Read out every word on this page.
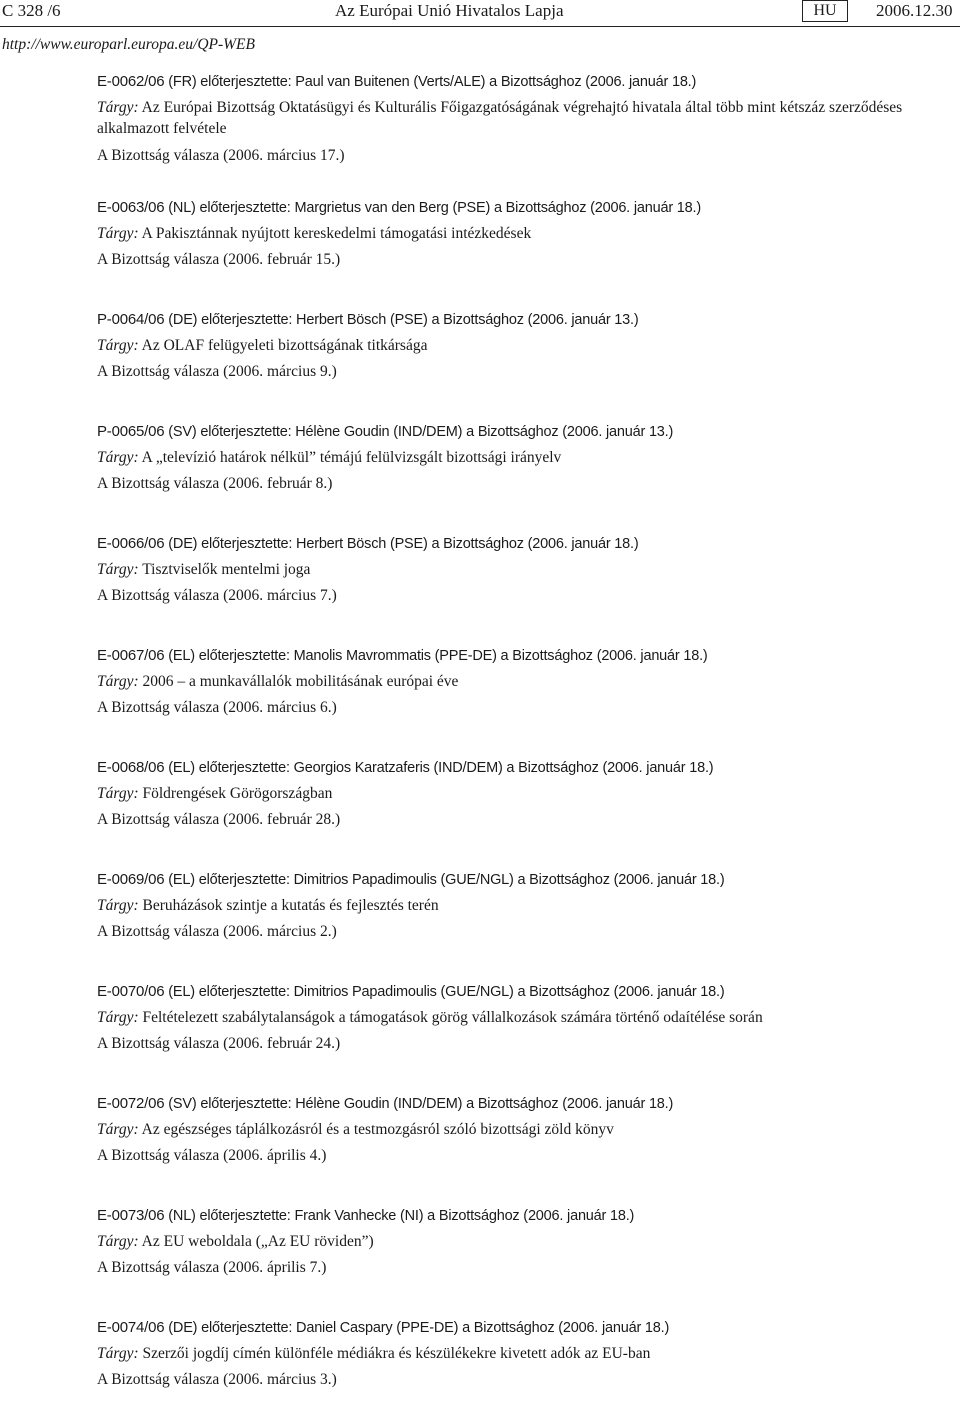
C 328 /6	Az Európai Unió Hivatalos Lapja	HU	2006.12.30
http://www.europarl.europa.eu/QP-WEB
E-0062/06 (FR) előterjesztette: Paul van Buitenen (Verts/ALE) a Bizottsághoz (2006. január 18.)
Tárgy: Az Európai Bizottság Oktatásügyi és Kulturális Főigazgatóságának végrehajtó hivatala által több mint kétszáz szerződéses alkalmazott felvétele
A Bizottság válasza (2006. március 17.)
E-0063/06 (NL) előterjesztette: Margrietus van den Berg (PSE) a Bizottsághoz (2006. január 18.)
Tárgy: A Pakisztánnak nyújtott kereskedelmi támogatási intézkedések
A Bizottság válasza (2006. február 15.)
P-0064/06 (DE) előterjesztette: Herbert Bösch (PSE) a Bizottsághoz (2006. január 13.)
Tárgy: Az OLAF felügyeleti bizottságának titkársága
A Bizottság válasza (2006. március 9.)
P-0065/06 (SV) előterjesztette: Hélène Goudin (IND/DEM) a Bizottsághoz (2006. január 13.)
Tárgy: A „televízió határok nélkül” témájú felülvizsgált bizottsági irányelv
A Bizottság válasza (2006. február 8.)
E-0066/06 (DE) előterjesztette: Herbert Bösch (PSE) a Bizottsághoz (2006. január 18.)
Tárgy: Tisztviselők mentelmi joga
A Bizottság válasza (2006. március 7.)
E-0067/06 (EL) előterjesztette: Manolis Mavrommatis (PPE-DE) a Bizottsághoz (2006. január 18.)
Tárgy: 2006 – a munkavállalók mobilitásának európai éve
A Bizottság válasza (2006. március 6.)
E-0068/06 (EL) előterjesztette: Georgios Karatzaferis (IND/DEM) a Bizottsághoz (2006. január 18.)
Tárgy: Földrengések Görögországban
A Bizottság válasza (2006. február 28.)
E-0069/06 (EL) előterjesztette: Dimitrios Papadimoulis (GUE/NGL) a Bizottsághoz (2006. január 18.)
Tárgy: Beruházások szintje a kutatás és fejlesztés terén
A Bizottság válasza (2006. március 2.)
E-0070/06 (EL) előterjesztette: Dimitrios Papadimoulis (GUE/NGL) a Bizottsághoz (2006. január 18.)
Tárgy: Feltételezett szabálytalanságok a támogatások görög vállalkozások számára történő odaítélése során
A Bizottság válasza (2006. február 24.)
E-0072/06 (SV) előterjesztette: Hélène Goudin (IND/DEM) a Bizottsághoz (2006. január 18.)
Tárgy: Az egészséges táplálkozásról és a testmozgásról szóló bizottsági zöld könyv
A Bizottság válasza (2006. április 4.)
E-0073/06 (NL) előterjesztette: Frank Vanhecke (NI) a Bizottsághoz (2006. január 18.)
Tárgy: Az EU weboldala („Az EU röviden”)
A Bizottság válasza (2006. április 7.)
E-0074/06 (DE) előterjesztette: Daniel Caspary (PPE-DE) a Bizottsághoz (2006. január 18.)
Tárgy: Szerzői jogdíj címén különféle médiákra és készülékekre kivetett adók az EU-ban
A Bizottság válasza (2006. március 3.)
